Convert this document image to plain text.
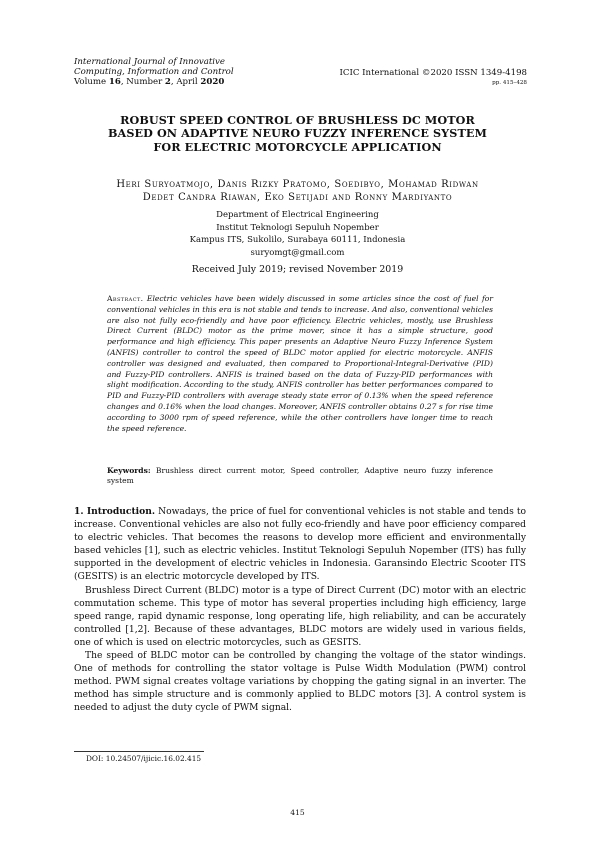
International Journal of Innovative
Computing, Information and Control
Volume 16, Number 2, April 2020
ICIC International ©2020 ISSN 1349-4198
pp. 415–428
ROBUST SPEED CONTROL OF BRUSHLESS DC MOTOR
BASED ON ADAPTIVE NEURO FUZZY INFERENCE SYSTEM
FOR ELECTRIC MOTORCYCLE APPLICATION
Heri Suryoatmojo, Danis Rizky Pratomo, Soedibyo, Mohamad Ridwan
Dedet Candra Riawan, Eko Setijadi and Ronny Mardiyanto
Department of Electrical Engineering
Institut Teknologi Sepuluh Nopember
Kampus ITS, Sukolilo, Surabaya 60111, Indonesia
suryomgt@gmail.com
Received July 2019; revised November 2019
Abstract. Electric vehicles have been widely discussed in some articles since the cost of fuel for conventional vehicles in this era is not stable and tends to increase. And also, conventional vehicles are also not fully eco-friendly and have poor efficiency. Electric vehicles, mostly, use Brushless Direct Current (BLDC) motor as the prime mover, since it has a simple structure, good performance and high efficiency. This paper presents an Adaptive Neuro Fuzzy Inference System (ANFIS) controller to control the speed of BLDC motor applied for electric motorcycle. ANFIS controller was designed and evaluated, then compared to Proportional-Integral-Derivative (PID) and Fuzzy-PID controllers. ANFIS is trained based on the data of Fuzzy-PID performances with slight modification. According to the study, ANFIS controller has better performances compared to PID and Fuzzy-PID controllers with average steady state error of 0.13% when the speed reference changes and 0.16% when the load changes. Moreover, ANFIS controller obtains 0.27 s for rise time according to 3000 rpm of speed reference, while the other controllers have longer time to reach the speed reference.
Keywords: Brushless direct current motor, Speed controller, Adaptive neuro fuzzy inference system

1. Introduction. Nowadays, the price of fuel for conventional vehicles is not stable and tends to increase. Conventional vehicles are also not fully eco-friendly and have poor efficiency compared to electric vehicles. That becomes the reasons to develop more efficient and environmentally based vehicles [1], such as electric vehicles. Institut Teknologi Sepuluh Nopember (ITS) has fully supported in the development of electric vehicles in Indonesia. Garansindo Electric Scooter ITS (GESITS) is an electric motorcycle developed by ITS.

Brushless Direct Current (BLDC) motor is a type of Direct Current (DC) motor with an electric commutation scheme. This type of motor has several properties including high efficiency, large speed range, rapid dynamic response, long operating life, high reliability, and can be accurately controlled [1,2]. Because of these advantages, BLDC motors are widely used in various fields, one of which is used on electric motorcycles, such as GESITS.

The speed of BLDC motor can be controlled by changing the voltage of the stator windings. One of methods for controlling the stator voltage is Pulse Width Modulation (PWM) control method. PWM signal creates voltage variations by chopping the gating signal in an inverter. The method has simple structure and is commonly applied to BLDC motors [3]. A control system is needed to adjust the duty cycle of PWM signal.

DOI: 10.24507/ijicic.16.02.415
415
